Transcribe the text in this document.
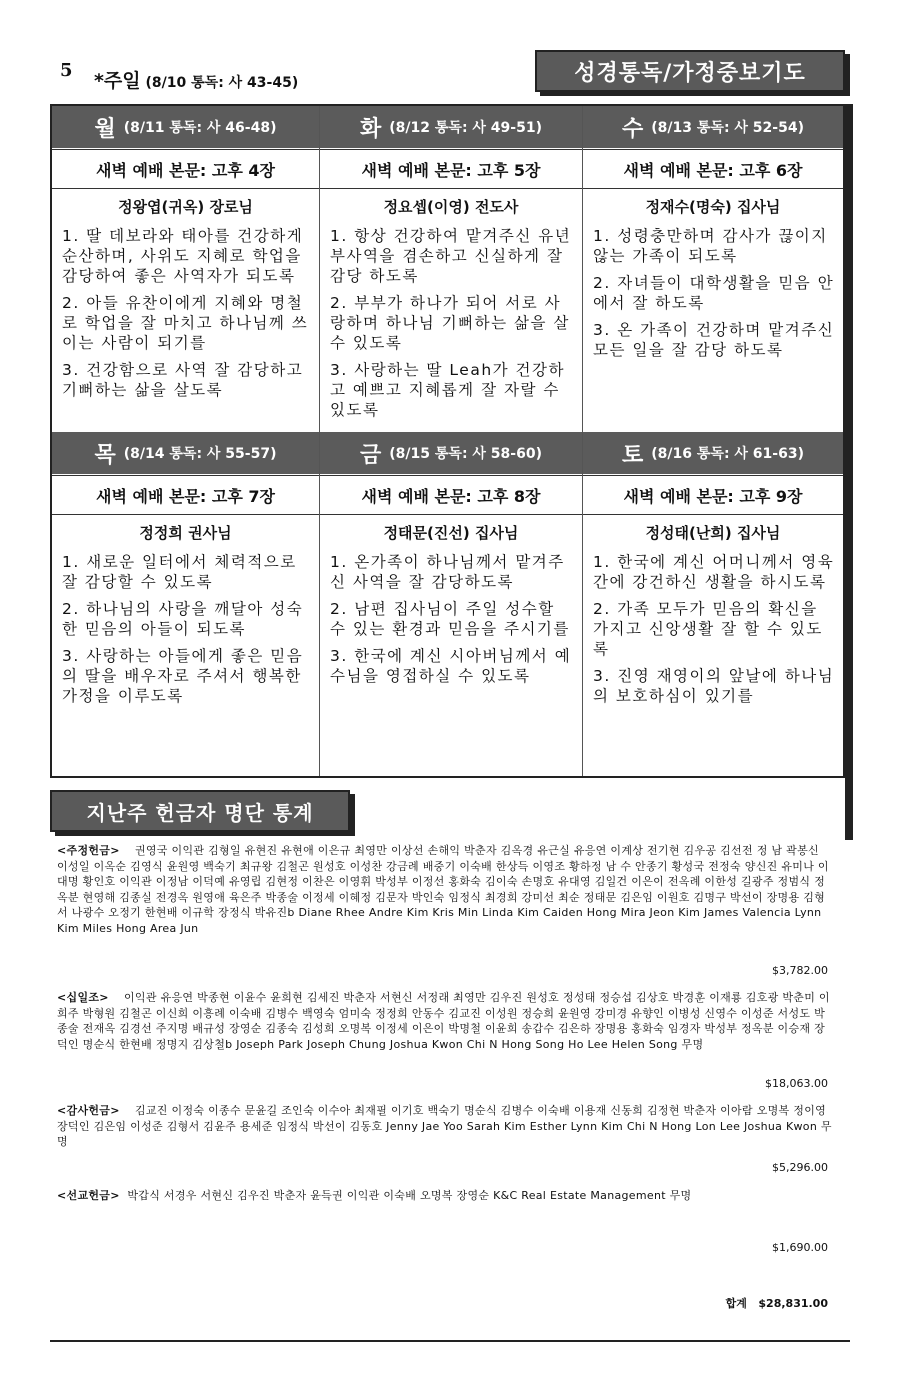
5 *주일 (8/10 통독: 사 43-45)	성경통독/가정중보기도
월 (8/11 통독: 사 46-48)
새벽 예배 본문: 고후 4장
정왕엽(귀옥) 장로님

1. 딸 데보라와 태아를 건강하게 순산하며, 사위도 지혜로 학업을 감당하여 좋은 사역자가 되도록

2. 아들 유찬이에게 지혜와 명철로 학업을 잘 마치고 하나님께 쓰이는 사람이 되기를

3. 건강함으로 사역 잘 감당하고 기뻐하는 삶을 살도록

화 (8/12 통독: 사 49-51)
새벽 예배 본문: 고후 5장
정요셉(이영) 전도사

1. 항상 건강하여 맡겨주신 유년부사역을 겸손하고 신실하게 잘 감당 하도록

2. 부부가 하나가 되어 서로 사랑하며 하나님 기뻐하는 삶을 살 수 있도록

3. 사랑하는 딸 Leah가 건강하고 예쁘고 지혜롭게 잘 자랄 수 있도록

수 (8/13 통독: 사 52-54)
새벽 예배 본문: 고후 6장
정재수(명숙) 집사님

1. 성령충만하며 감사가 끊이지 않는 가족이 되도록

2. 자녀들이 대학생활을 믿음 안에서 잘 하도록

3. 온 가족이 건강하며 맡겨주신 모든 일을 잘 감당 하도록

목 (8/14 통독: 사 55-57)
새벽 예배 본문: 고후 7장
정정희 권사님

1. 새로운 일터에서 체력적으로 잘 감당할 수 있도록

2. 하나님의 사랑을 깨달아 성숙한 믿음의 아들이 되도록

3. 사랑하는 아들에게 좋은 믿음의 딸을 배우자로 주셔서 행복한 가정을 이루도록

금 (8/15 통독: 사 58-60)
새벽 예배 본문: 고후 8장
정태문(진선) 집사님

1. 온가족이 하나님께서 맡겨주신 사역을 잘 감당하도록

2. 남편 집사님이 주일 성수할 수 있는 환경과 믿음을 주시기를

3. 한국에 계신 시아버님께서 예수님을 영접하실 수 있도록

토 (8/16 통독: 사 61-63)
새벽 예배 본문: 고후 9장
정성태(난희) 집사님

1. 한국에 계신 어머니께서 영육간에 강건하신 생활을 하시도록

2. 가족 모두가 믿음의 확신을 가지고 신앙생활 잘 할 수 있도록

3. 진영 재영이의 앞날에 하나님의 보호하심이 있기를

지난주 헌금자 명단 통계
<주정헌금> 권영국 이익관 김형일 유현진 유현애 이은규 최영만 이상선 손해익 박춘자 김옥경 유근실 유응연 이계상 전기현 김우공 김선전 정 남 곽봉신 이성일 이옥순 김영식 윤원영 백숙기 최규왕 김철곤 원성호 이성찬 강금례 배중기 이숙배 한상득 이영조 황하정 남 수 안종기 황성국 전정숙 양신진 유미나 이대명 황인호 이익관 이정남 이덕예 유영립 김현정 이찬은 이영휘 박성부 이정선 홍화숙 김이숙 손명호 유대영 김일건 이은이 전옥례 이한성 길광주 정범식 정옥분 현영해 김종실 전경옥 원영애 육은주 박종술 이정세 이혜정 김문자 박인숙 임정식 최경희 강미선 최순 정태문 김은임 이원호 김명구 박선이 장명용 김형서 나광수 오정기 한현배 이규학 장정식 박유진b Diane Rhee Andre Kim Kris Min Linda Kim Caiden Hong Mira Jeon Kim James Valencia Lynn Kim Miles Hong Area Jun
$3,782.00
<십일조> 이익관 유응연 박종현 이윤수 윤희현 김세진 박춘자 서현신 서정래 최영만 김우진 원성호 정성태 정승섭 김상호 박경훈 이재룡 김호광 박춘미 이희주 박형원 김철곤 이신희 이흥례 이숙배 김병수 백영숙 엄미숙 정정희 안동수 김교진 이성원 정승희 윤원영 강미경 유향인 이병성 신영수 이성준 서성도 박종술 전재옥 김경선 주지명 배규성 장영순 김종숙 김성희 오명복 이정세 이은이 박명철 이윤희 송갑수 김은하 장명용 홍화숙 임경자 박성부 정옥분 이승재 장덕인 명순식 한현배 정명지 김상철b Joseph Park Joseph Chung Joshua Kwon Chi N Hong Song Ho Lee Helen Song 무명
$18,063.00
<감사헌금> 김교진 이정숙 이종수 문윤길 조인숙 이수아 최재필 이기호 백숙기 명순식 김병수 이숙배 이용재 신동희 김정현 박춘자 이아람 오명복 정이영 장덕인 김은임 이성준 김형서 김윤주 용세준 임정식 박선이 김동호 Jenny Jae Yoo Sarah Kim Esther Lynn Kim Chi N Hong Lon Lee Joshua Kwon 무명
$5,296.00
<선교헌금> 박갑식 서경우 서현신 김우진 박춘자 윤득권 이익관 이숙배 오명복 장영순 K&C Real Estate Management 무명
$1,690.00
합계 $28,831.00
